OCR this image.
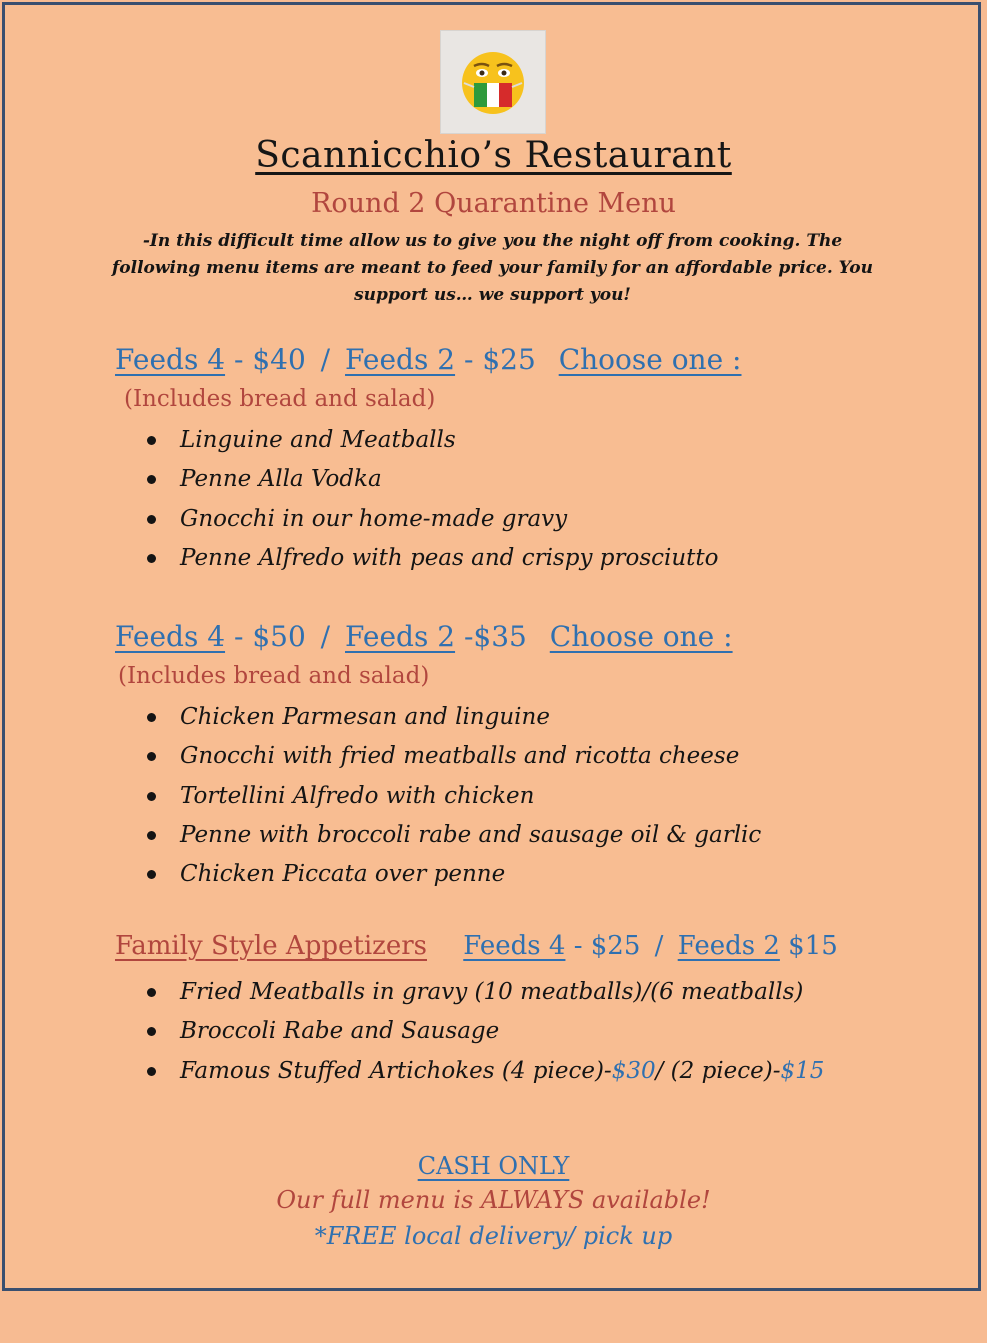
Scannicchio’s Restaurant
Round 2 Quarantine Menu
-In this difficult time allow us to give you the night off from cooking. The following menu items are meant to feed your family for an affordable price. You support us… we support you!
Feeds 4 - $40 / Feeds 2 - $25 Choose one :
(Includes bread and salad)
Linguine and Meatballs
Penne Alla Vodka
Gnocchi in our home-made gravy
Penne Alfredo with peas and crispy prosciutto
Feeds 4 - $50 / Feeds 2 -$35 Choose one :
(Includes bread and salad)
Chicken Parmesan and linguine
Gnocchi with fried meatballs and ricotta cheese
Tortellini Alfredo with chicken
Penne with broccoli rabe and sausage oil & garlic
Chicken Piccata over penne
Family Style Appetizers Feeds 4 - $25 / Feeds 2 $15
Fried Meatballs in gravy (10 meatballs)/(6 meatballs)
Broccoli Rabe and Sausage
Famous Stuffed Artichokes (4 piece)-$30/ (2 piece)-$15
CASH ONLY
Our full menu is ALWAYS available!
*FREE local delivery/ pick up
